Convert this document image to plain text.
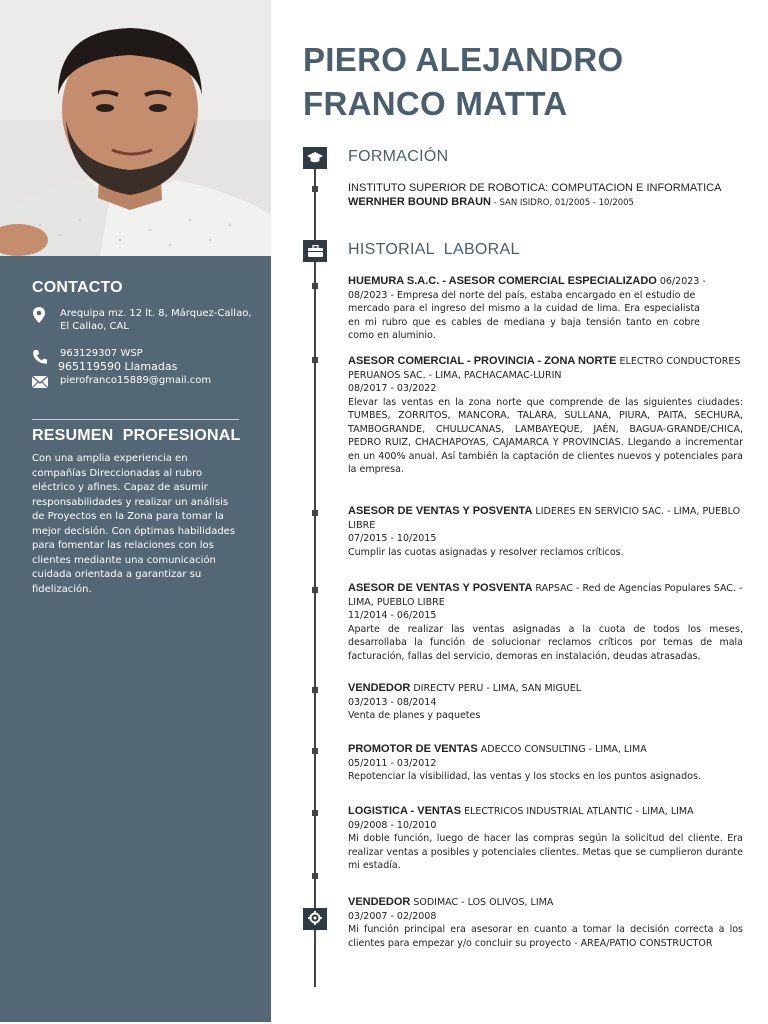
CONTACTO
Arequipa mz. 12 lt. 8, Márquez-Callao,
El Callao, CAL
963129307 WSP
965119590 Llamadas
pierofranco15889@gmail.com
RESUMEN  PROFESIONAL
Con una amplia experiencia en compañías Direccionadas al rubro eléctrico y afines. Capaz de asumir responsabilidades y realizar un análisis de Proyectos en la Zona para tomar la mejor decisión. Con óptimas habilidades para fomentar las relaciones con los clientes mediante una comunicación cuidada orientada a garantizar su fidelización.
PIERO ALEJANDRO
FRANCO MATTA
FORMACIÓN
INSTITUTO SUPERIOR DE ROBOTICA: COMPUTACION E INFORMATICA
WERNHER BOUND BRAUN - SAN ISIDRO, 01/2005 - 10/2005
HISTORIAL  LABORAL
HUEMURA S.A.C. - ASESOR COMERCIAL ESPECIALIZADO 06/2023 -
08/2023 - Empresa del norte del país, estaba encargado en el estudio de
mercado para el ingreso del mismo a la cuidad de lima. Era especialista en mi rubro que es cables de mediana y baja tensión tanto en cobre como en aluminio.
ASESOR COMERCIAL - PROVINCIA - ZONA NORTE ELECTRO CONDUCTORES PERUANOS SAC. - LIMA, PACHACAMAC-LURIN
08/2017 - 03/2022
Elevar las ventas en la zona norte que comprende de las siguientes ciudades: TUMBES, ZORRITOS, MANCORA, TALARA, SULLANA, PIURA, PAITA, SECHURA, TAMBOGRANDE, CHULUCANAS, LAMBAYEQUE, JAÉN, BAGUA-GRANDE/CHICA, PEDRO RUIZ, CHACHAPOYAS, CAJAMARCA Y PROVINCIAS. Llegando a incrementar en un 400% anual. Así también la captación de clientes nuevos y potenciales para la empresa.
ASESOR DE VENTAS Y POSVENTA LIDERES EN SERVICIO SAC. - LIMA, PUEBLO LIBRE
07/2015 - 10/2015
Cumplir las cuotas asignadas y resolver reclamos críticos.
ASESOR DE VENTAS Y POSVENTA RAPSAC - Red de Agencias Populares SAC. - LIMA, PUEBLO LIBRE
11/2014 - 06/2015
Aparte de realizar las ventas asignadas a la cuota de todos los meses, desarrollaba la función de solucionar reclamos críticos por temas de mala facturación, fallas del servicio, demoras en instalación, deudas atrasadas.
VENDEDOR DIRECTV PERU - LIMA, SAN MIGUEL
03/2013 - 08/2014
Venta de planes y paquetes
PROMOTOR DE VENTAS ADECCO CONSULTING - LIMA, LIMA
05/2011 - 03/2012
Repotenciar la visibilidad, las ventas y los stocks en los puntos asignados.
LOGISTICA - VENTAS ELECTRICOS INDUSTRIAL ATLANTIC - LIMA, LIMA
09/2008 - 10/2010
Mi doble función, luego de hacer las compras según la solicitud del cliente. Era realizar ventas a posibles y potenciales clientes. Metas que se cumplieron durante mi estadía.
VENDEDOR SODIMAC - LOS OLIVOS, LIMA
03/2007 - 02/2008
Mi función principal era asesorar en cuanto a tomar la decisión correcta a los clientes para empezar y/o concluir su proyecto - AREA/PATIO CONSTRUCTOR
